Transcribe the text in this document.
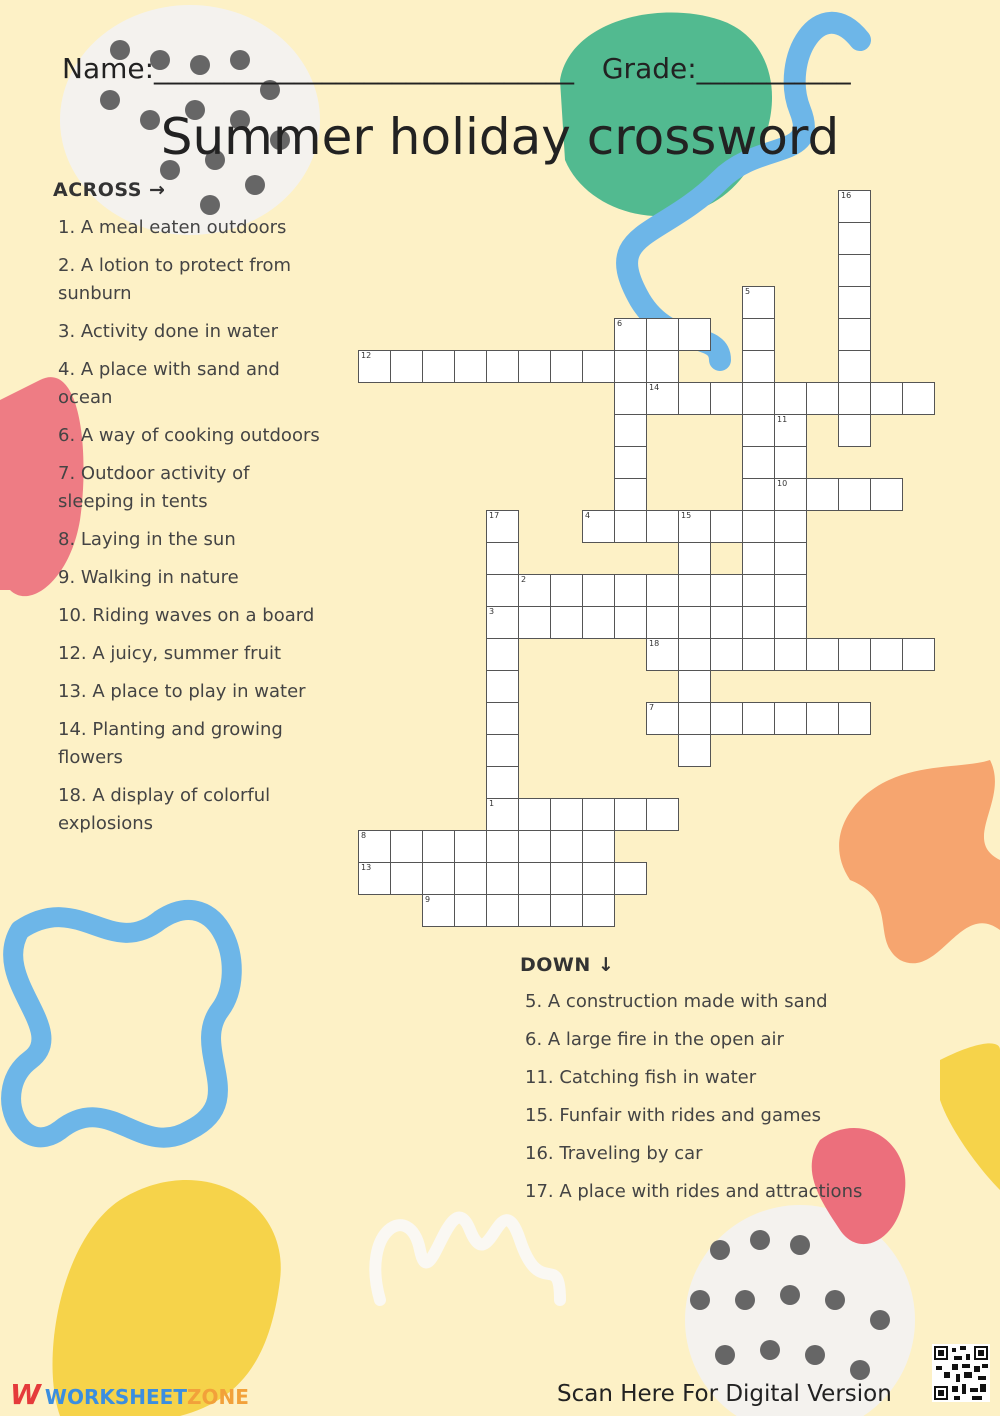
Name:______________________________ Grade:___________
Summer holiday crossword
ACROSS →
1. A meal eaten outdoors
2. A lotion to protect from sunburn
3. Activity done in water
4. A place with sand and ocean
6. A way of cooking outdoors
7. Outdoor activity of sleeping in tents
8. Laying in the sun
9. Walking in nature
10. Riding waves on a board
12. A juicy, summer fruit
13. A place to play in water
14. Planting and growing flowers
18. A display of colorful explosions
DOWN ↓
5. A construction made with sand
6. A large fire in the open air
11. Catching fish in water
15. Funfair with rides and games
16. Traveling by car
17. A place with rides and attractions
1
2
3
4	15
6
7
8
9
10
12
13
14
18
5
11
16
17
W WORKSHEETZONE	Scan Here For Digital Version
